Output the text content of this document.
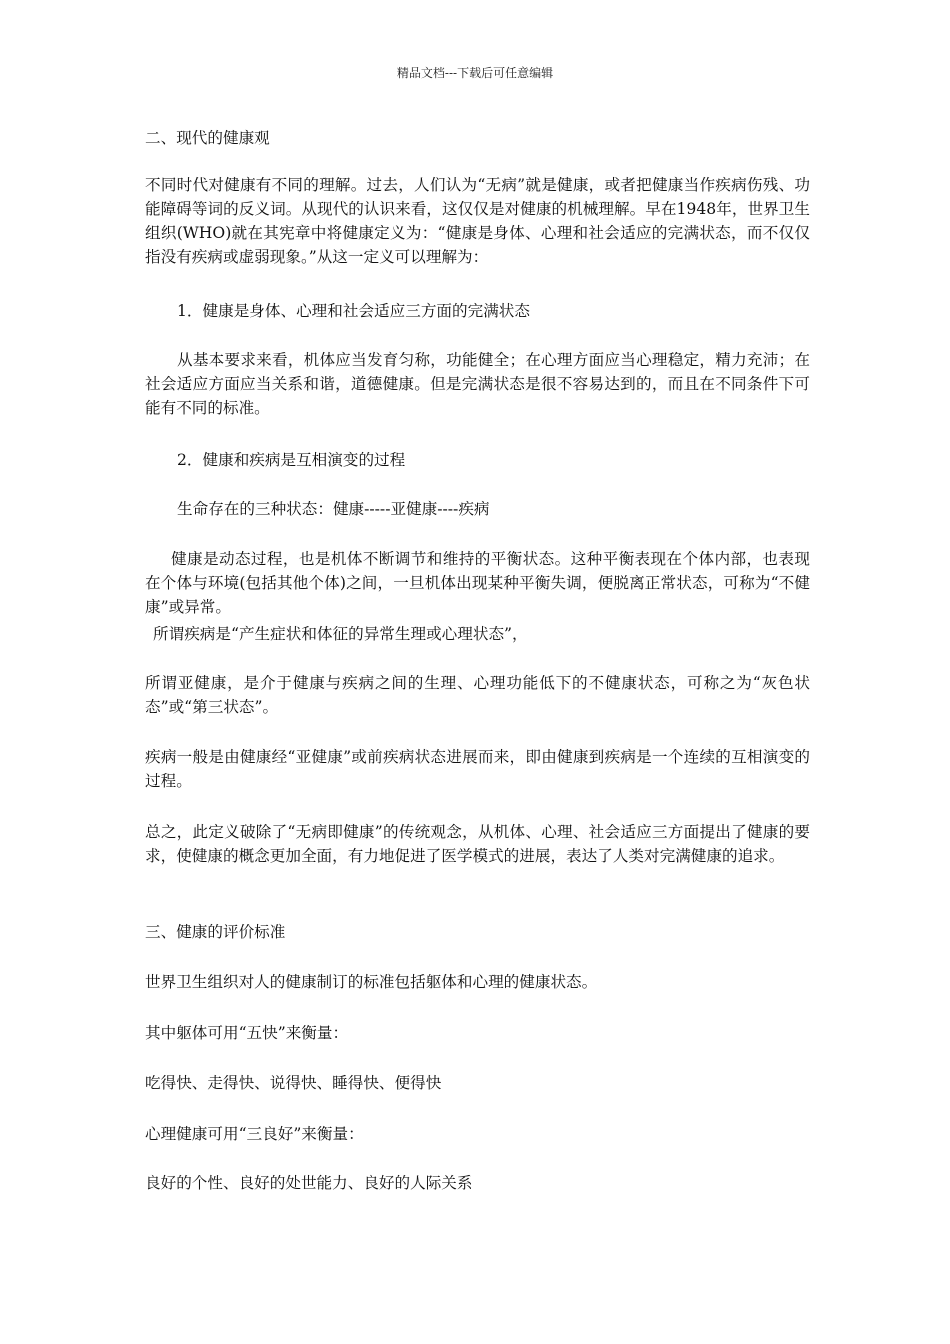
精品文档---下载后可任意编辑

二、现代的健康观

不同时代对健康有不同的理解。过去，人们认为“无病”就是健康，或者把健康当作疾病伤残、功能障碍等词的反义词。从现代的认识来看，这仅仅是对健康的机械理解。早在1948年，世界卫生组织(WHO)就在其宪章中将健康定义为：“健康是身体、心理和社会适应的完满状态，而不仅仅指没有疾病或虚弱现象。”从这一定义可以理解为：

1．健康是身体、心理和社会适应三方面的完满状态

从基本要求来看，机体应当发育匀称，功能健全；在心理方面应当心理稳定，精力充沛；在社会适应方面应当关系和谐，道德健康。但是完满状态是很不容易达到的，而且在不同条件下可能有不同的标准。

2．健康和疾病是互相演变的过程

生命存在的三种状态：健康-----亚健康----疾病

健康是动态过程，也是机体不断调节和维持的平衡状态。这种平衡表现在个体内部，也表现在个体与环境(包括其他个体)之间，一旦机体出现某种平衡失调，便脱离正常状态，可称为“不健康”或异常。

所谓疾病是“产生症状和体征的异常生理或心理状态”，

所谓亚健康，是介于健康与疾病之间的生理、心理功能低下的不健康状态，可称之为“灰色状态”或“第三状态”。

疾病一般是由健康经“亚健康”或前疾病状态进展而来，即由健康到疾病是一个连续的互相演变的过程。

总之，此定义破除了“无病即健康”的传统观念，从机体、心理、社会适应三方面提出了健康的要求，使健康的概念更加全面，有力地促进了医学模式的进展，表达了人类对完满健康的追求。

三、健康的评价标准

世界卫生组织对人的健康制订的标准包括躯体和心理的健康状态。

其中躯体可用“五快”来衡量：

吃得快、走得快、说得快、睡得快、便得快

心理健康可用“三良好”来衡量：

良好的个性、良好的处世能力、良好的人际关系
